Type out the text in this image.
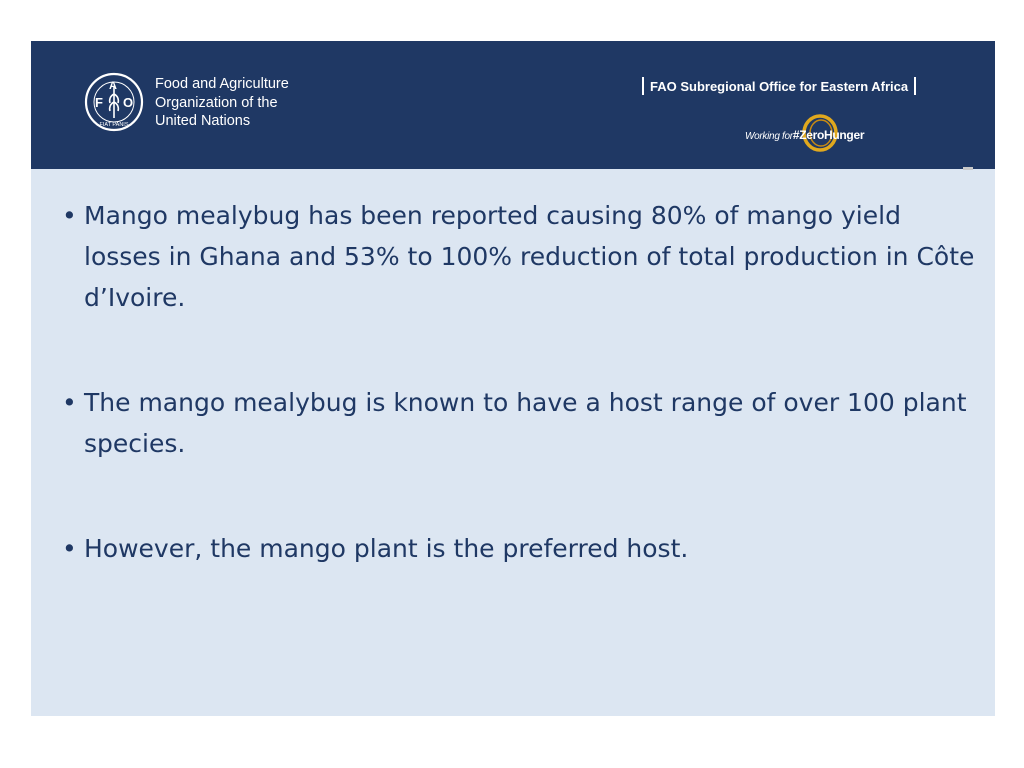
F
A
O
FIAT PANIS
Food and Agriculture
Organization of the
United Nations
FAO Subregional Office for Eastern Africa
Working for#ZeroHunger
• Mango mealybug has been reported causing 80% of mango yield losses in Ghana and 53% to 100% reduction of total production in Côte d’Ivoire.
• The mango mealybug is known to have a host range of over 100 plant species.
• However, the mango plant is the preferred host.
